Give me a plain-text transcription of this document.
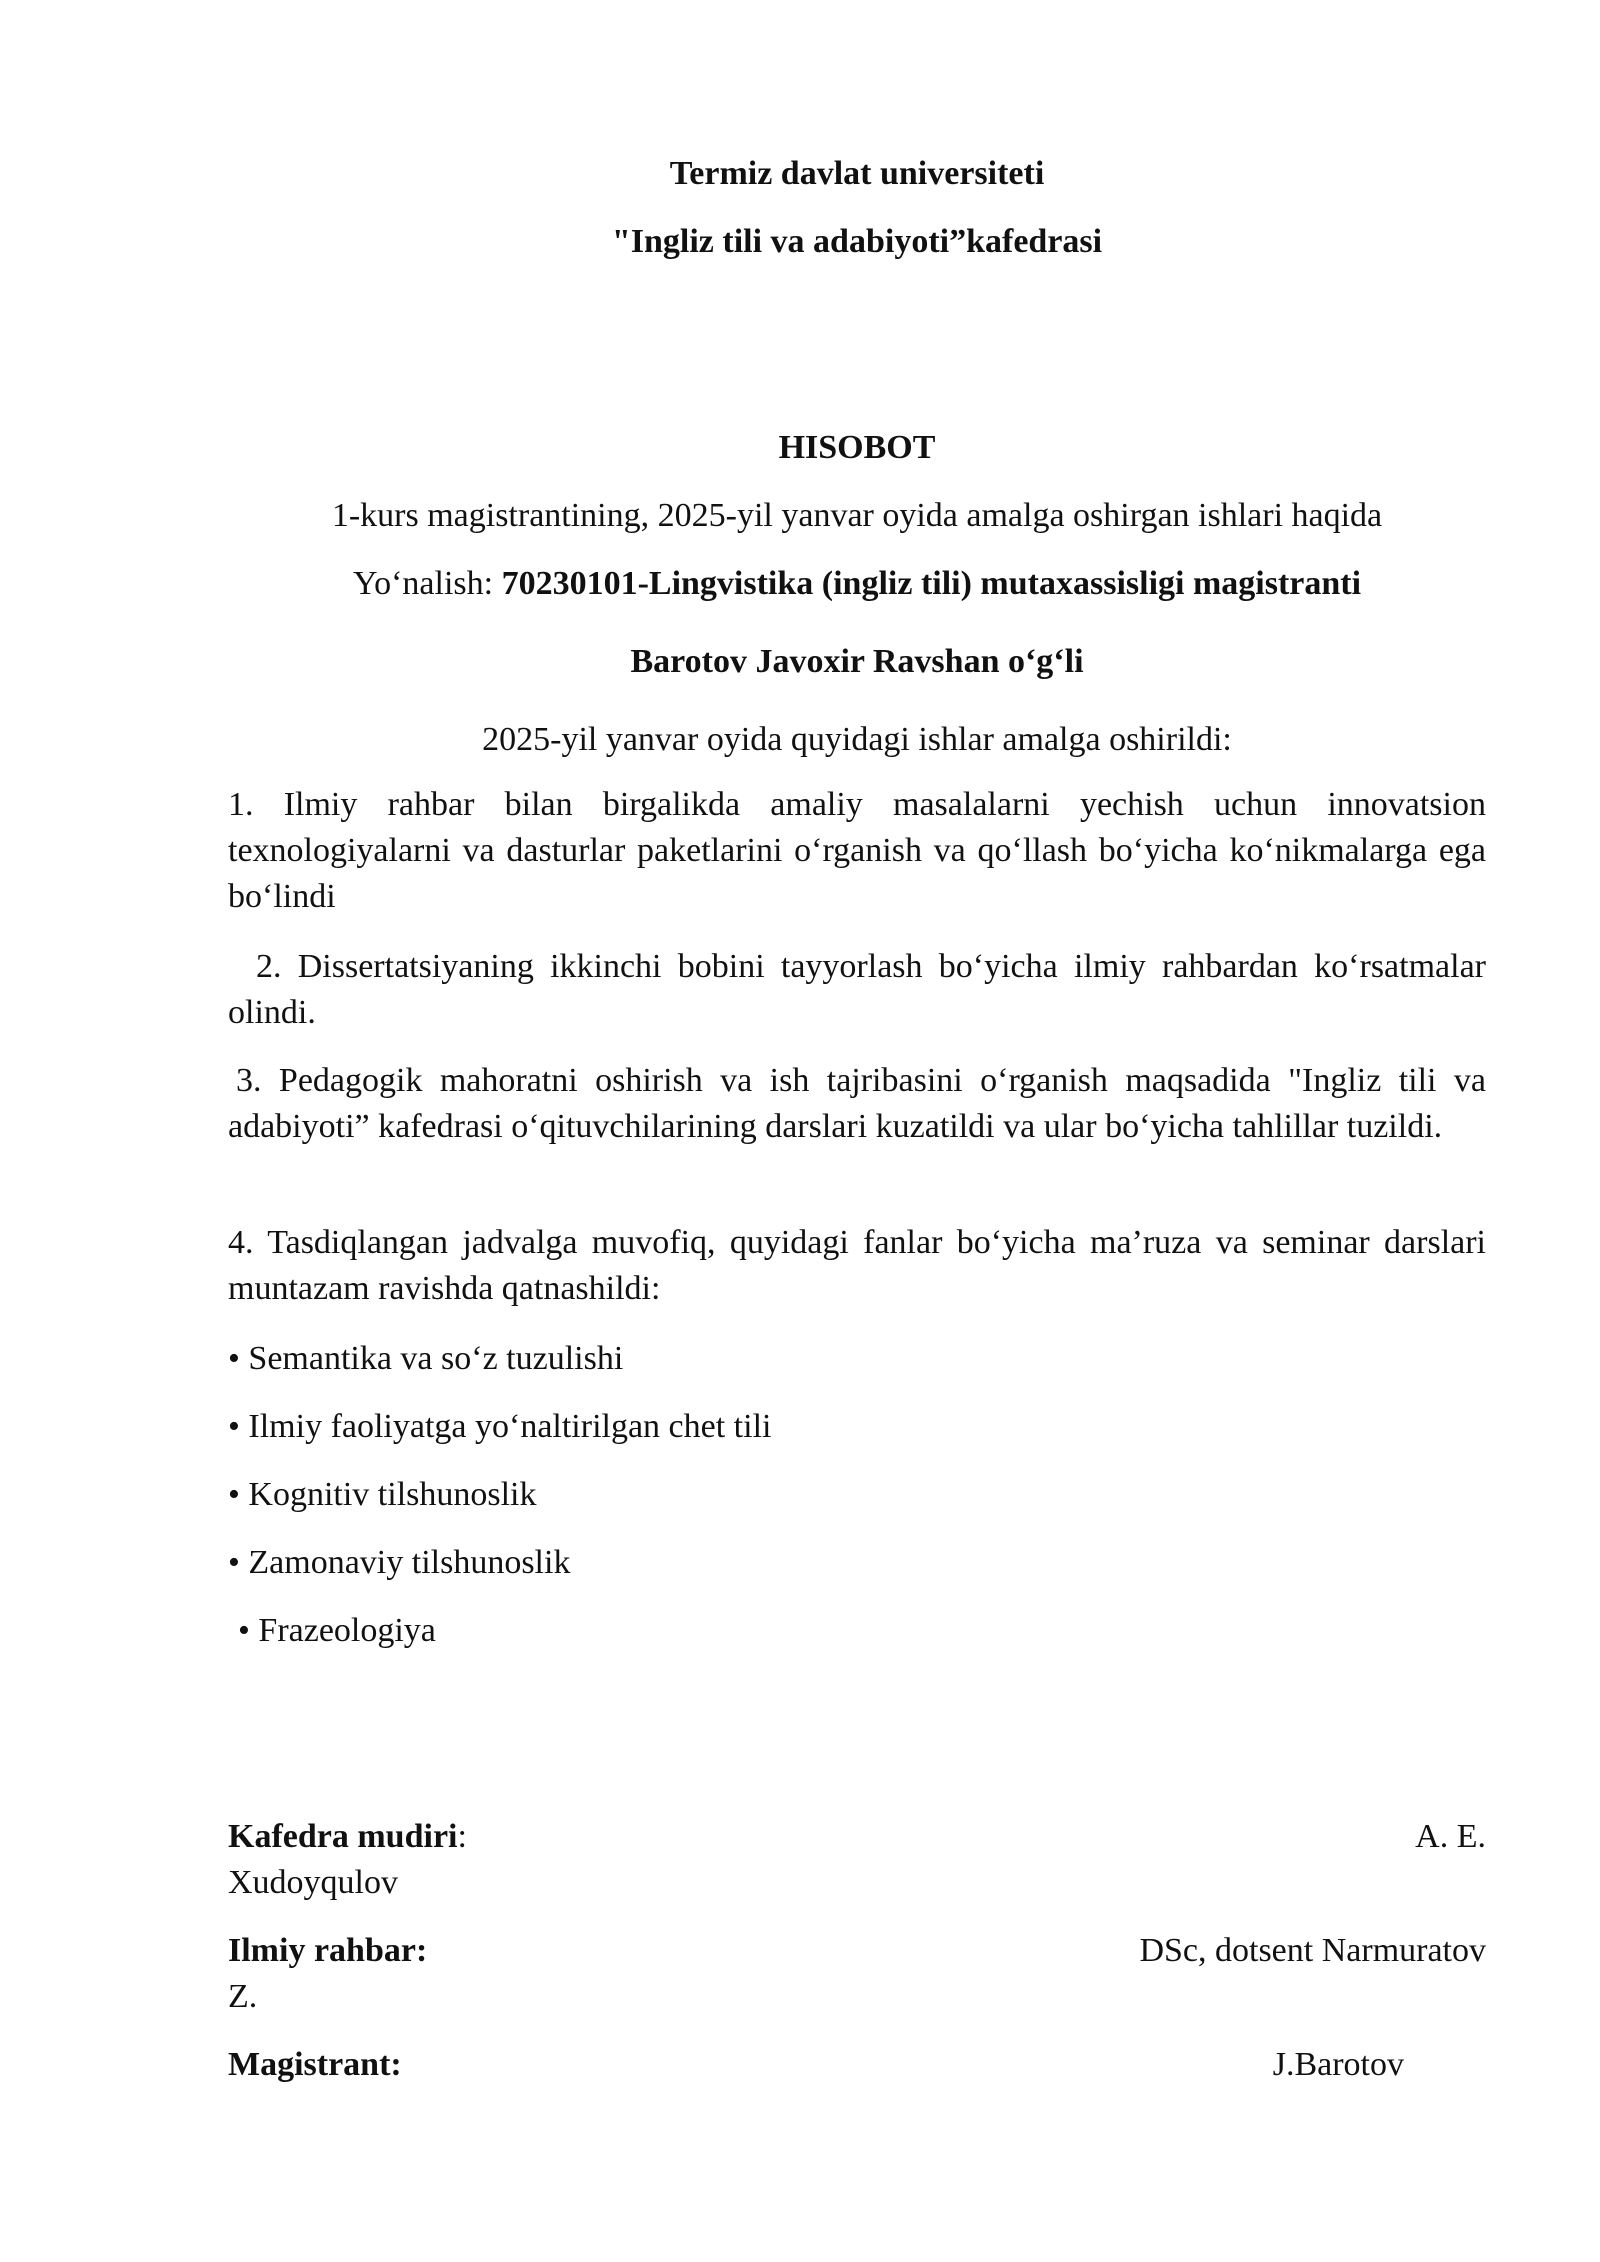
Termiz davlat universiteti
"Ingliz tili va adabiyoti”kafedrasi
HISOBOT
1-kurs magistrantining, 2025-yil yanvar oyida amalga oshirgan ishlari haqida
Yo‘nalish: 70230101-Lingvistika (ingliz tili) mutaxassisligi magistranti
Barotov Javoxir Ravshan o‘g‘li
2025-yil yanvar oyida quyidagi ishlar amalga oshirildi:
1. Ilmiy rahbar bilan birgalikda amaliy masalalarni yechish uchun innovatsion texnologiyalarni va dasturlar paketlarini o‘rganish va qo‘llash bo‘yicha ko‘nikmalarga ega bo‘lindi
2. Dissertatsiyaning ikkinchi bobini tayyorlash bo‘yicha ilmiy rahbardan ko‘rsatmalar olindi.
3. Pedagogik mahoratni oshirish va ish tajribasini o‘rganish maqsadida "Ingliz tili va adabiyoti” kafedrasi o‘qituvchilarining darslari kuzatildi va ular bo‘yicha tahlillar tuzildi.
4. Tasdiqlangan jadvalga muvofiq, quyidagi fanlar bo‘yicha ma’ruza va seminar darslari muntazam ravishda qatnashildi:
• Semantika va so‘z tuzulishi
• Ilmiy faoliyatga yo‘naltirilgan chet tili
• Kognitiv tilshunoslik
• Zamonaviy tilshunoslik
• Frazeologiya
Kafedra mudiri:	A. E.
Xudoyqulov
Ilmiy rahbar:	DSc, dotsent Narmuratov
Z.
Magistrant:	J.Barotov
